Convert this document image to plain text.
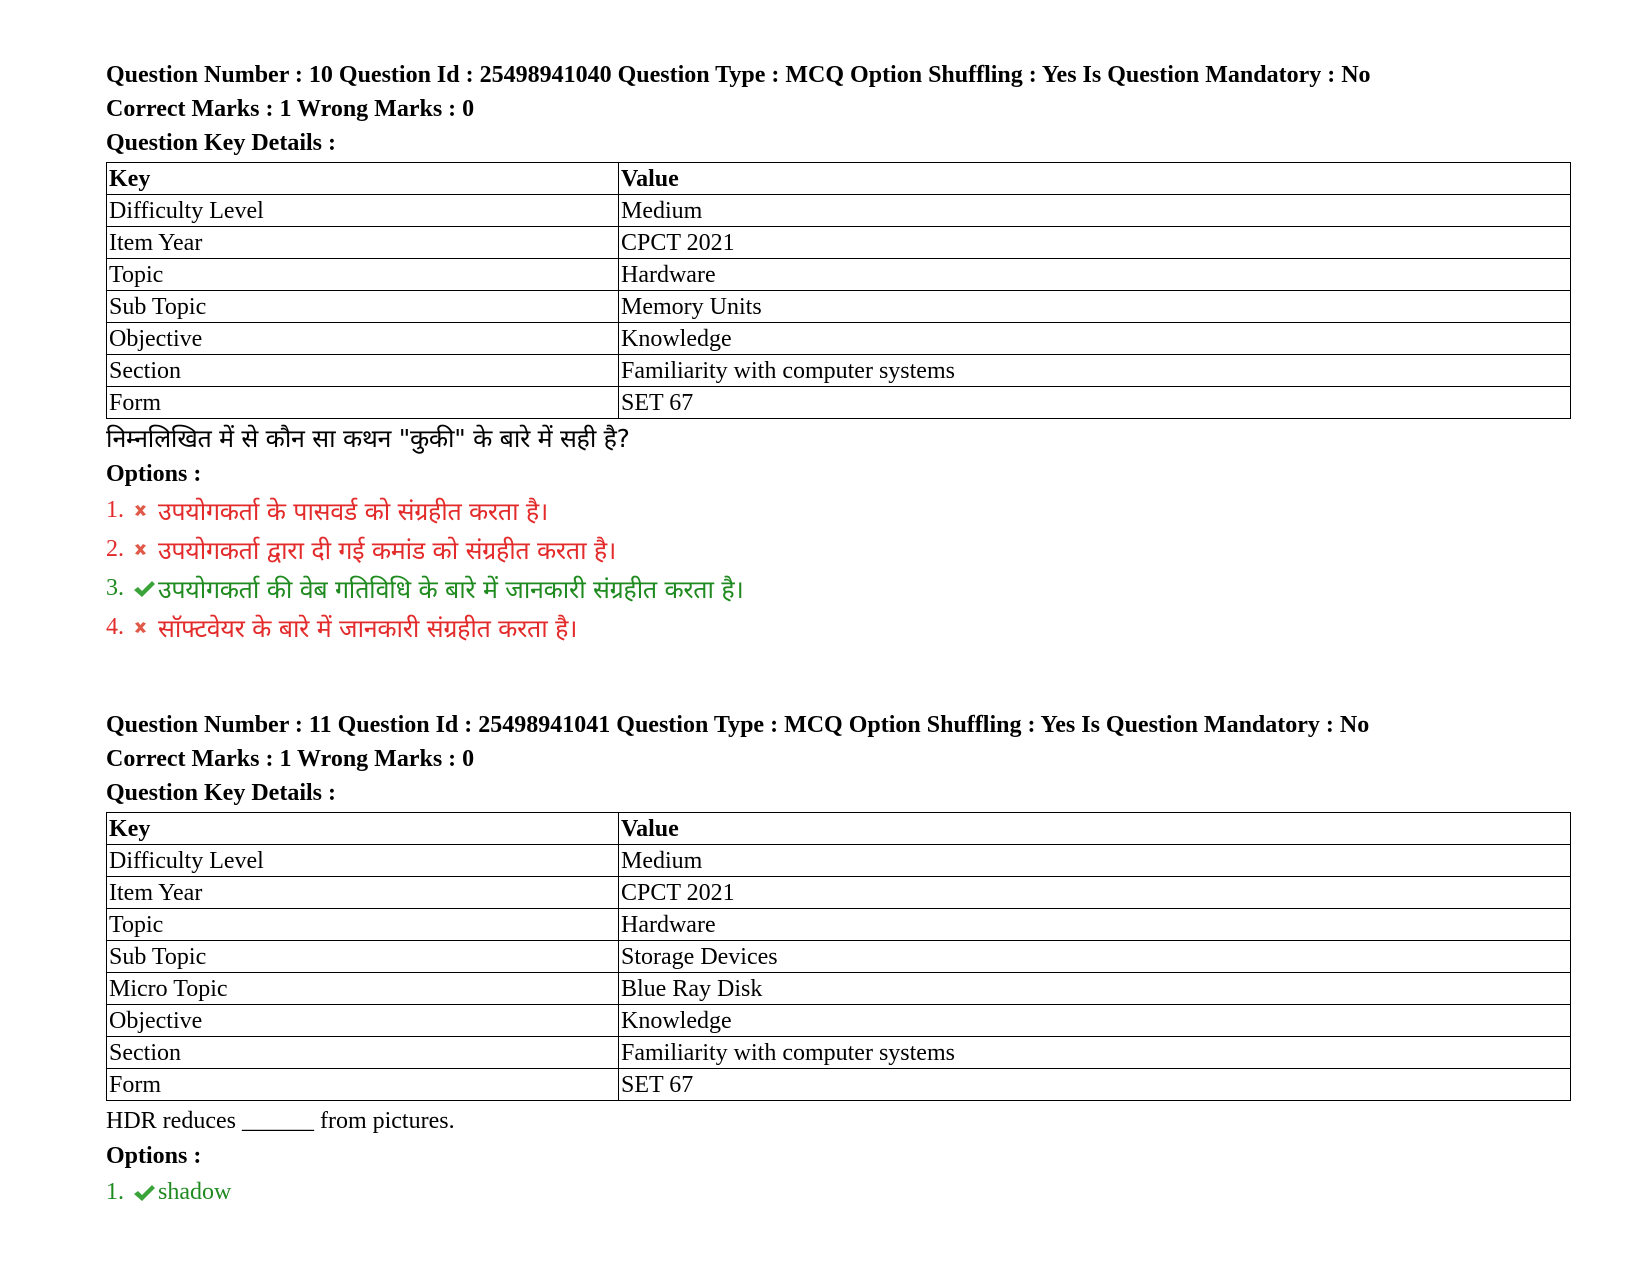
Question Number : 10 Question Id : 25498941040 Question Type : MCQ Option Shuffling : Yes Is Question Mandatory : No
Correct Marks : 1 Wrong Marks : 0
Question Key Details :
Key	Value
Difficulty Level	Medium
Item Year	CPCT 2021
Topic	Hardware
Sub Topic	Memory Units
Objective	Knowledge
Section	Familiarity with computer systems
Form	SET 67
निम्नलिखित में से कौन सा कथन "कुकी" के बारे में सही है?
Options :
1.	उपयोगकर्ता के पासवर्ड को संग्रहीत करता है।
2.	उपयोगकर्ता द्वारा दी गई कमांड को संग्रहीत करता है।
3.	उपयोगकर्ता की वेब गतिविधि के बारे में जानकारी संग्रहीत करता है।
4.	सॉफ्टवेयर के बारे में जानकारी संग्रहीत करता है।
Question Number : 11 Question Id : 25498941041 Question Type : MCQ Option Shuffling : Yes Is Question Mandatory : No
Correct Marks : 1 Wrong Marks : 0
Question Key Details :
Key	Value
Difficulty Level	Medium
Item Year	CPCT 2021
Topic	Hardware
Sub Topic	Storage Devices
Micro Topic	Blue Ray Disk
Objective	Knowledge
Section	Familiarity with computer systems
Form	SET 67
HDR reduces ______ from pictures.
Options :
1.	shadow
